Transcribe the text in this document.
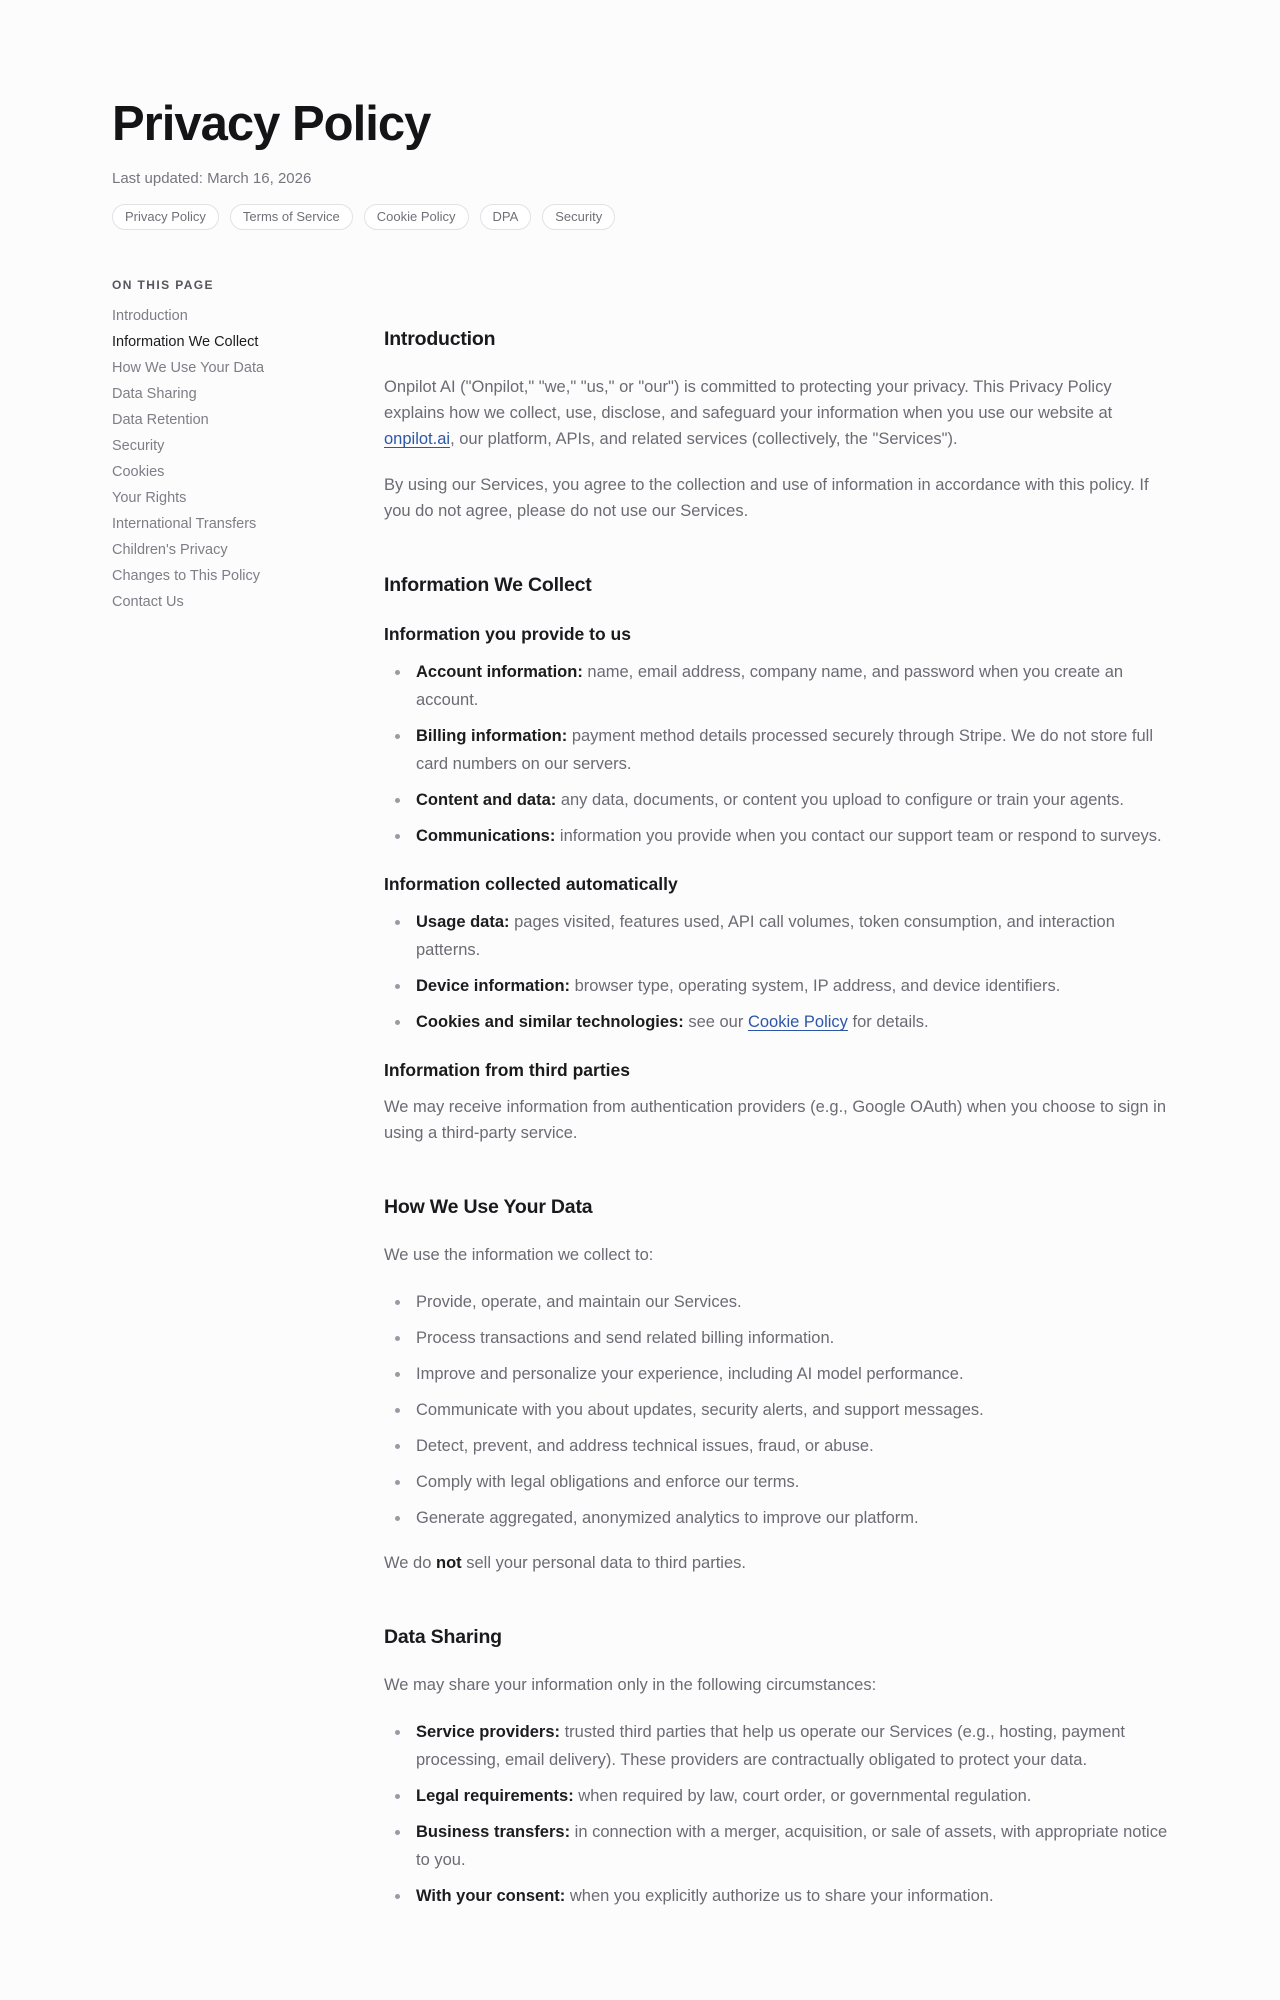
Privacy Policy
Last updated: March 16, 2026
Privacy Policy	Terms of Service	Cookie Policy	DPA	Security
ON THIS PAGE
Introduction
Information We Collect
How We Use Your Data
Data Sharing
Data Retention
Security
Cookies
Your Rights
International Transfers
Children's Privacy
Changes to This Policy
Contact Us
Introduction

Onpilot AI ("Onpilot," "we," "us," or "our") is committed to protecting your privacy. This Privacy Policy explains how we collect, use, disclose, and safeguard your information when you use our website at onpilot.ai, our platform, APIs, and related services (collectively, the "Services").

By using our Services, you agree to the collection and use of information in accordance with this policy. If you do not agree, please do not use our Services.

Information We Collect
Information you provide to us
Account information: name, email address, company name, and password when you create an account.
Billing information: payment method details processed securely through Stripe. We do not store full card numbers on our servers.
Content and data: any data, documents, or content you upload to configure or train your agents.
Communications: information you provide when you contact our support team or respond to surveys.
Information collected automatically
Usage data: pages visited, features used, API call volumes, token consumption, and interaction patterns.
Device information: browser type, operating system, IP address, and device identifiers.
Cookies and similar technologies: see our Cookie Policy for details.
Information from third parties

We may receive information from authentication providers (e.g., Google OAuth) when you choose to sign in using a third-party service.

How We Use Your Data

We use the information we collect to:

Provide, operate, and maintain our Services.
Process transactions and send related billing information.
Improve and personalize your experience, including AI model performance.
Communicate with you about updates, security alerts, and support messages.
Detect, prevent, and address technical issues, fraud, or abuse.
Comply with legal obligations and enforce our terms.
Generate aggregated, anonymized analytics to improve our platform.

We do not sell your personal data to third parties.

Data Sharing

We may share your information only in the following circumstances:

Service providers: trusted third parties that help us operate our Services (e.g., hosting, payment processing, email delivery). These providers are contractually obligated to protect your data.
Legal requirements: when required by law, court order, or governmental regulation.
Business transfers: in connection with a merger, acquisition, or sale of assets, with appropriate notice to you.
With your consent: when you explicitly authorize us to share your information.
